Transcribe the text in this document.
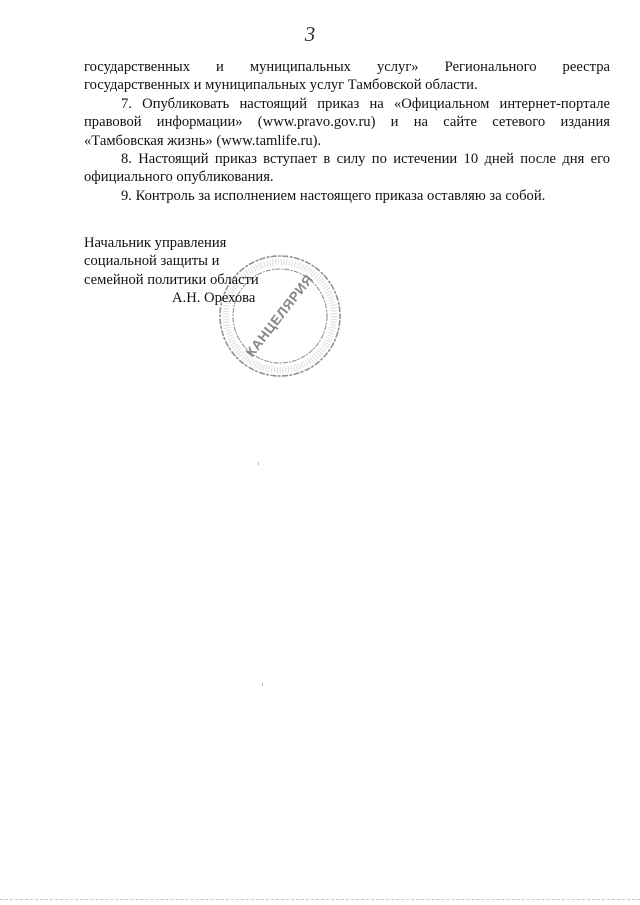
3

государственных и муниципальных услуг» Регионального реестра

государственных и муниципальных услуг Тамбовской области.

7. Опубликовать настоящий приказ на «Официальном интернет-портале правовой информации» (www.pravo.gov.ru) и на сайте сетевого издания «Тамбовская жизнь» (www.tamlife.ru).

8. Настоящий приказ вступает в силу по истечении 10 дней после дня его официального опубликования.

9. Контроль за исполнением настоящего приказа оставляю за собой.

КАНЦЕЛЯРИЯ
Начальник управления
социальной защиты и
семейной политики области
А.Н. Орехова
